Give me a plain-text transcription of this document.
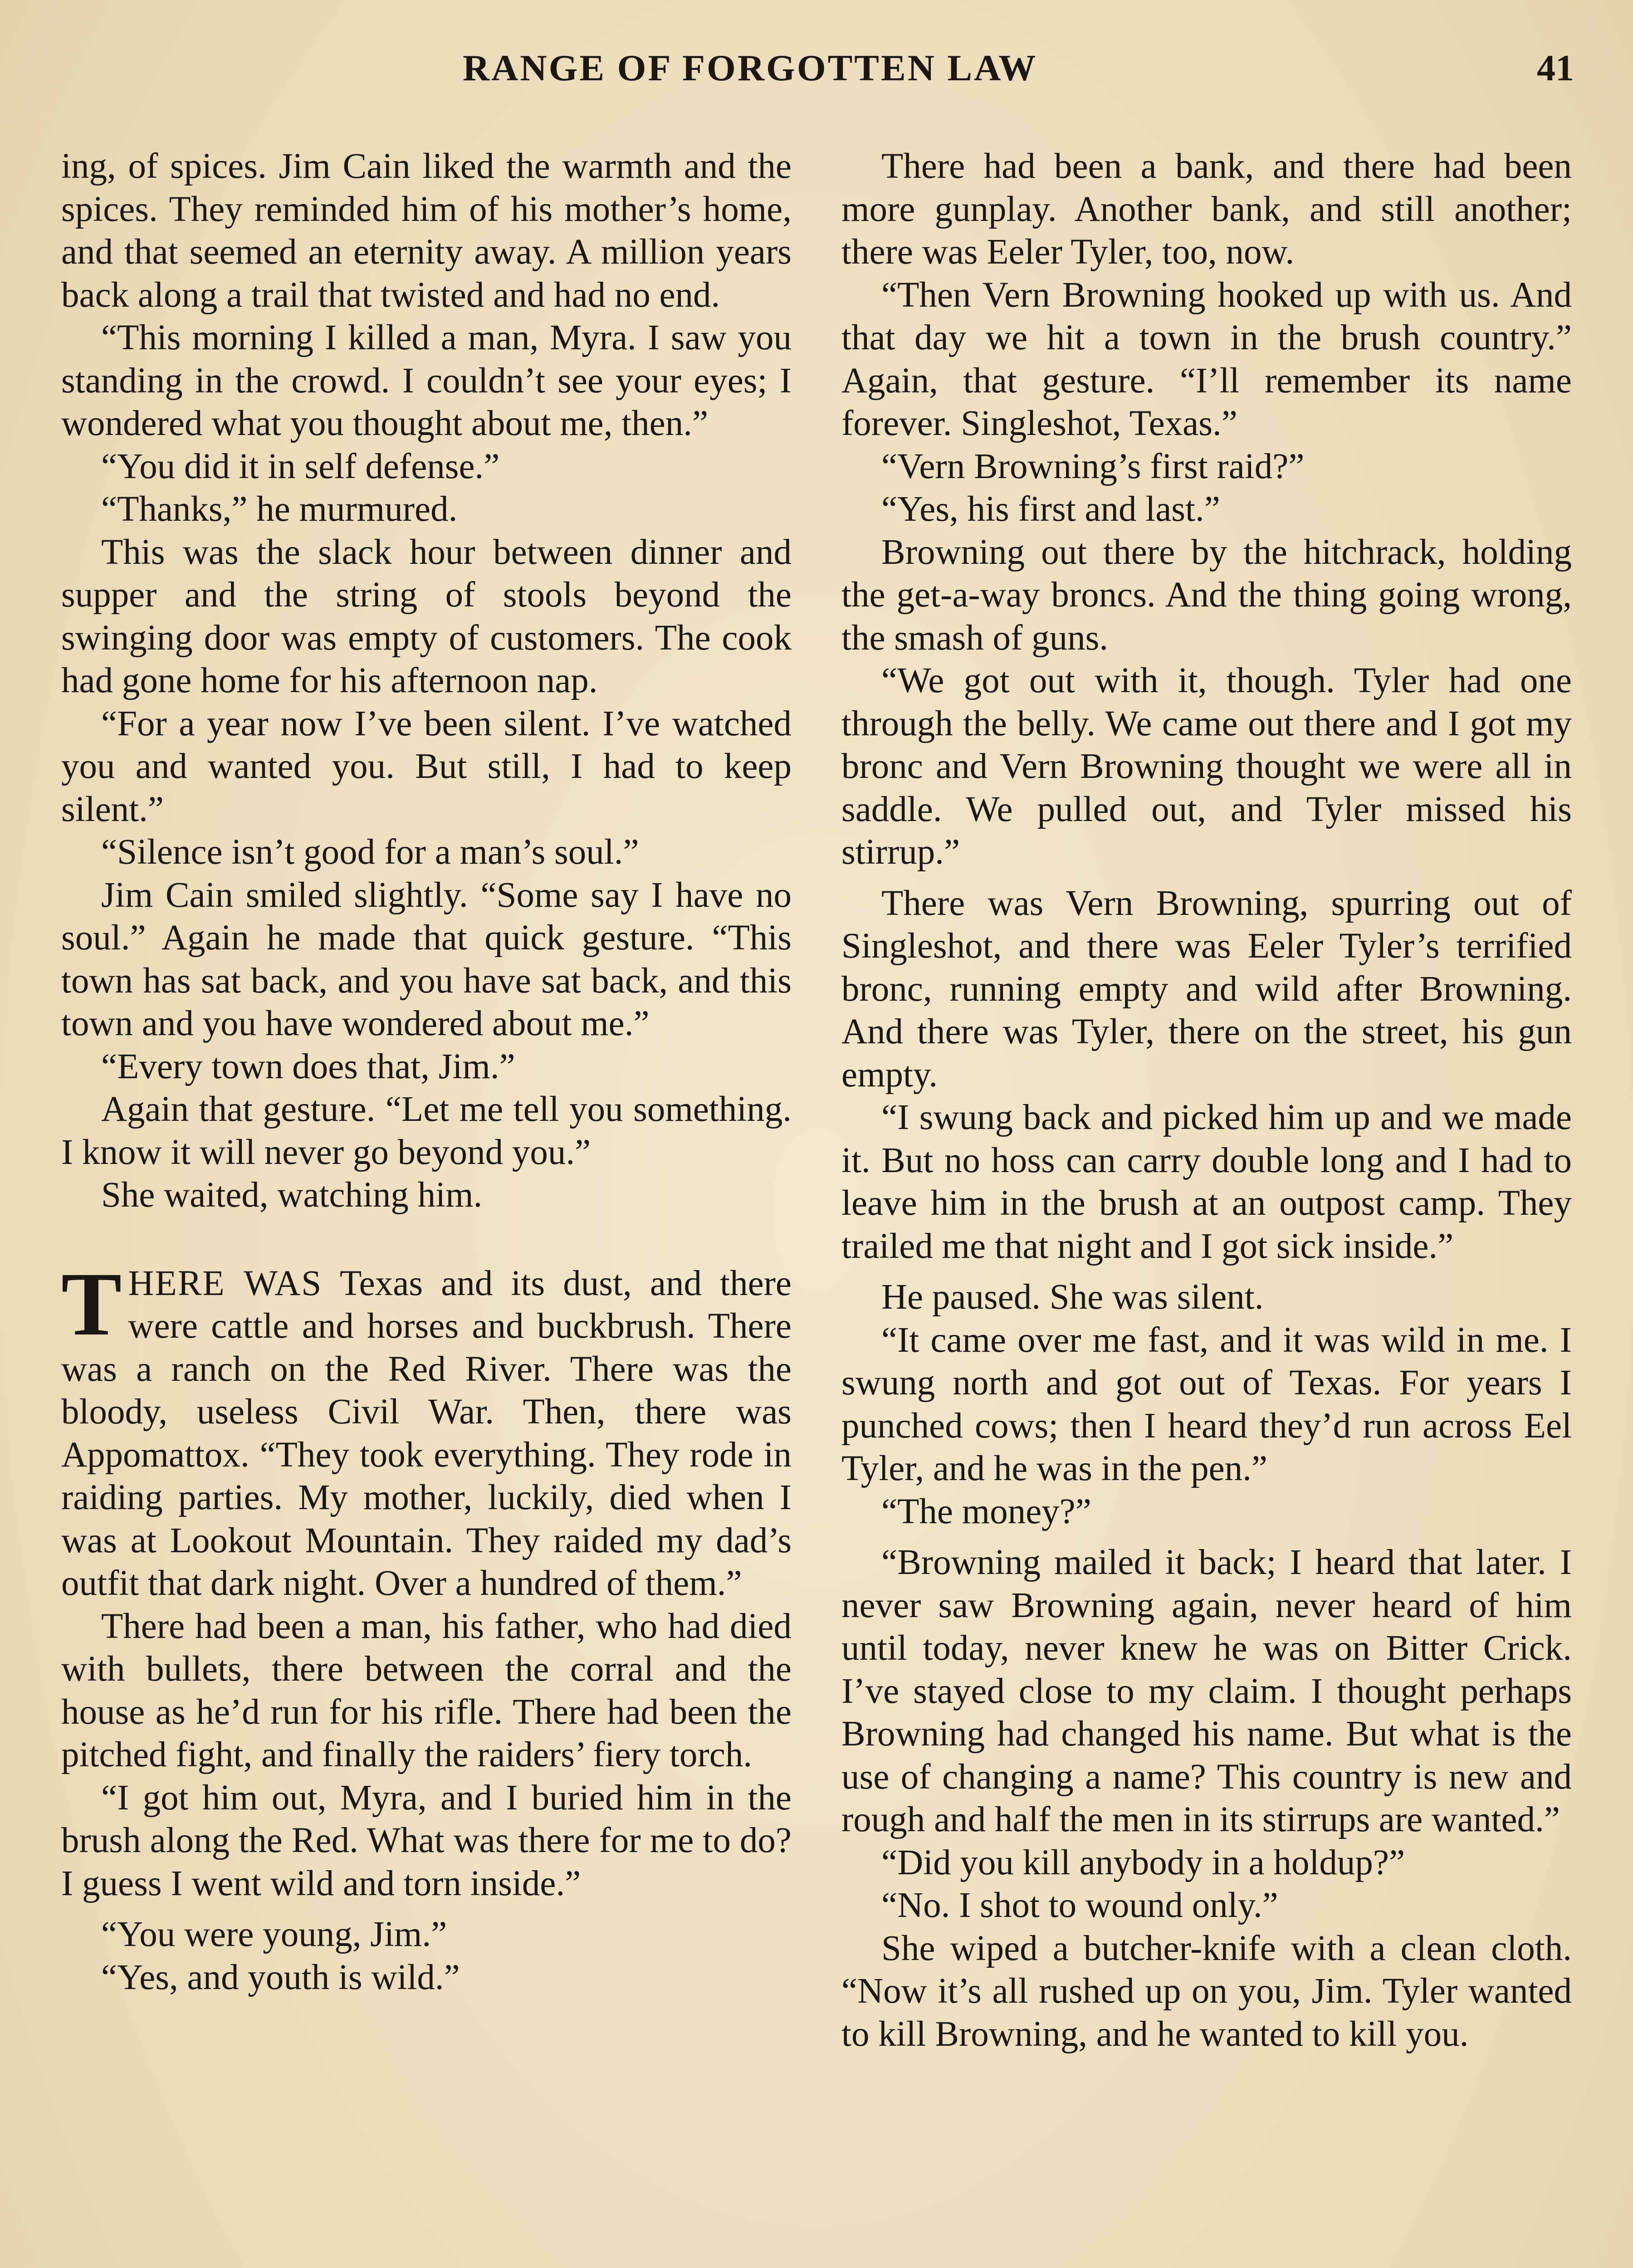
RANGE OF FORGOTTEN LAW	41

ing, of spices. Jim Cain liked the warmth and the spices. They reminded him of his mother’s home, and that seemed an eternity away. A million years back along a trail that twisted and had no end.

“This morning I killed a man, Myra. I saw you standing in the crowd. I couldn’t see your eyes; I wondered what you thought about me, then.”

“You did it in self defense.”

“Thanks,” he murmured.

This was the slack hour between dinner and supper and the string of stools beyond the swinging door was empty of customers. The cook had gone home for his afternoon nap.

“For a year now I’ve been silent. I’ve watched you and wanted you. But still, I had to keep silent.”

“Silence isn’t good for a man’s soul.”

Jim Cain smiled slightly. “Some say I have no soul.” Again he made that quick gesture. “This town has sat back, and you have sat back, and this town and you have wondered about me.”

“Every town does that, Jim.”

Again that gesture. “Let me tell you something. I know it will never go beyond you.”

She waited, watching him.

THERE WAS Texas and its dust, and there were cattle and horses and buckbrush. There was a ranch on the Red River. There was the bloody, useless Civil War. Then, there was Appomattox. “They took everything. They rode in raiding parties. My mother, luckily, died when I was at Lookout Mountain. They raided my dad’s outfit that dark night. Over a hundred of them.”

There had been a man, his father, who had died with bullets, there between the corral and the house as he’d run for his rifle. There had been the pitched fight, and finally the raiders’ fiery torch.

“I got him out, Myra, and I buried him in the brush along the Red. What was there for me to do? I guess I went wild and torn inside.”

“You were young, Jim.”

“Yes, and youth is wild.”

There had been a bank, and there had been more gunplay. Another bank, and still another; there was Eeler Tyler, too, now.

“Then Vern Browning hooked up with us. And that day we hit a town in the brush country.” Again, that gesture. “I’ll remember its name forever. Singleshot, Texas.”

“Vern Browning’s first raid?”

“Yes, his first and last.”

Browning out there by the hitchrack, holding the get-a-way broncs. And the thing going wrong, the smash of guns.

“We got out with it, though. Tyler had one through the belly. We came out there and I got my bronc and Vern Browning thought we were all in saddle. We pulled out, and Tyler missed his stirrup.”

There was Vern Browning, spurring out of Singleshot, and there was Eeler Tyler’s terrified bronc, running empty and wild after Browning. And there was Tyler, there on the street, his gun empty.

“I swung back and picked him up and we made it. But no hoss can carry double long and I had to leave him in the brush at an outpost camp. They trailed me that night and I got sick inside.”

He paused. She was silent.

“It came over me fast, and it was wild in me. I swung north and got out of Texas. For years I punched cows; then I heard they’d run across Eel Tyler, and he was in the pen.”

“The money?”

“Browning mailed it back; I heard that later. I never saw Browning again, never heard of him until today, never knew he was on Bitter Crick. I’ve stayed close to my claim. I thought perhaps Browning had changed his name. But what is the use of changing a name? This country is new and rough and half the men in its stirrups are wanted.”

“Did you kill anybody in a holdup?”

“No. I shot to wound only.”

She wiped a butcher-knife with a clean cloth. “Now it’s all rushed up on you, Jim. Tyler wanted to kill Browning, and he wanted to kill you.
